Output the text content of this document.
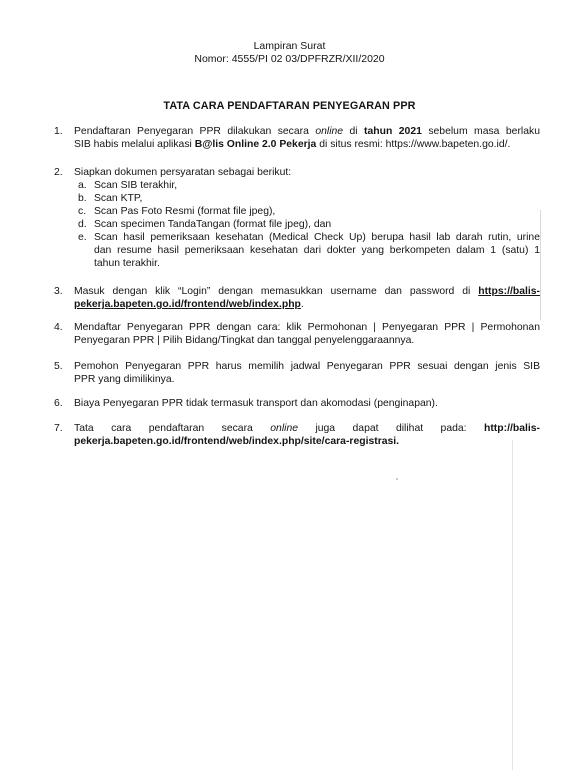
Lampiran Surat
Nomor: 4555/PI 02 03/DPFRZR/XII/2020
TATA CARA PENDAFTARAN PENYEGARAN PPR
1.	Pendaftaran Penyegaran PPR dilakukan secara online di tahun 2021 sebelum masa berlaku
SIB habis melalui aplikasi B@lis Online 2.0 Pekerja di situs resmi: https://www.bapeten.go.id/.
2.	Siapkan dokumen persyaratan sebagai berikut:
a. Scan SIB terakhir,
b. Scan KTP,
c. Scan Pas Foto Resmi (format file jpeg),
d. Scan specimen TandaTangan (format file jpeg), dan
e. Scan hasil pemeriksaan kesehatan (Medical Check Up) berupa hasil lab darah rutin, urine
dan resume hasil pemeriksaan kesehatan dari dokter yang berkompeten dalam 1 (satu) 1
tahun terakhir.
3.	Masuk dengan klik “Login” dengan memasukkan username dan password di https://balis-
pekerja.bapeten.go.id/frontend/web/index.php.
4.	Mendaftar Penyegaran PPR dengan cara: klik Permohonan | Penyegaran PPR | Permohonan
Penyegaran PPR | Pilih Bidang/Tingkat dan tanggal penyelenggaraannya.
5.	Pemohon Penyegaran PPR harus memilih jadwal Penyegaran PPR sesuai dengan jenis SIB
PPR yang dimilikinya.
6.	Biaya Penyegaran PPR tidak termasuk transport dan akomodasi (penginapan).
7.	Tata cara pendaftaran secara online juga dapat dilihat pada: http://balis-
pekerja.bapeten.go.id/frontend/web/index.php/site/cara-registrasi.
